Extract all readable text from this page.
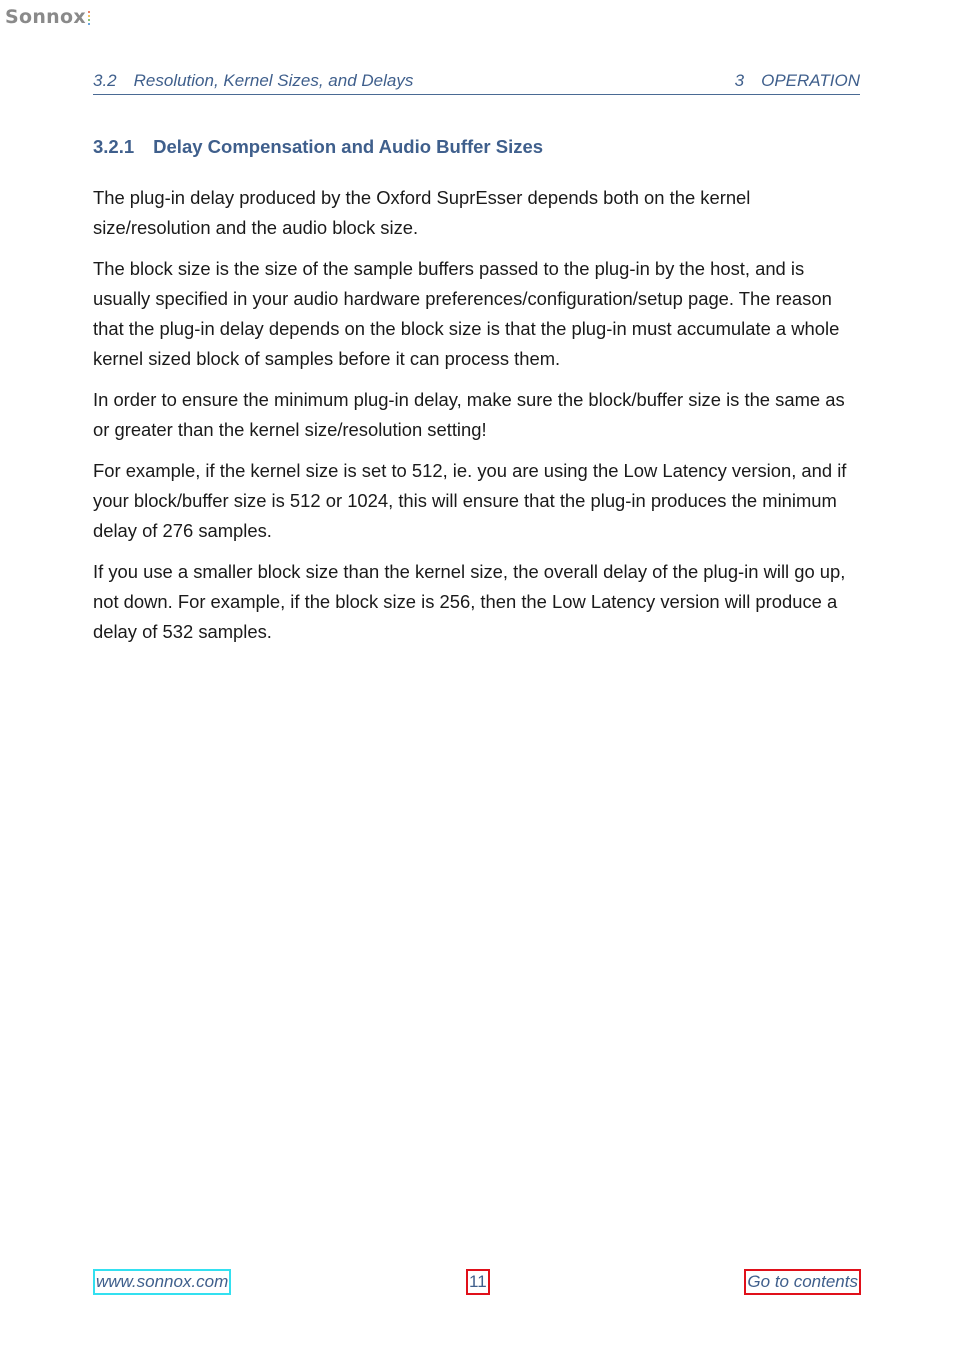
Sonnox
3.2 Resolution, Kernel Sizes, and Delays	3 OPERATION
3.2.1 Delay Compensation and Audio Buffer Sizes

The plug-in delay produced by the Oxford SuprEsser depends both on the kernel size/resolution and the audio block size.

The block size is the size of the sample buffers passed to the plug-in by the host, and is usually specified in your audio hardware preferences/configuration/setup page. The reason that the plug-in delay depends on the block size is that the plug-in must accumulate a whole kernel sized block of samples before it can process them.

In order to ensure the minimum plug-in delay, make sure the block/buffer size is the same as or greater than the kernel size/resolution setting!

For example, if the kernel size is set to 512, ie. you are using the Low Latency version, and if your block/buffer size is 512 or 1024, this will ensure that the plug-in produces the minimum delay of 276 samples.

If you use a smaller block size than the kernel size, the overall delay of the plug-in will go up, not down. For example, if the block size is 256, then the Low Latency version will produce a delay of 532 samples.

www.sonnox.com	11	Go to contents
